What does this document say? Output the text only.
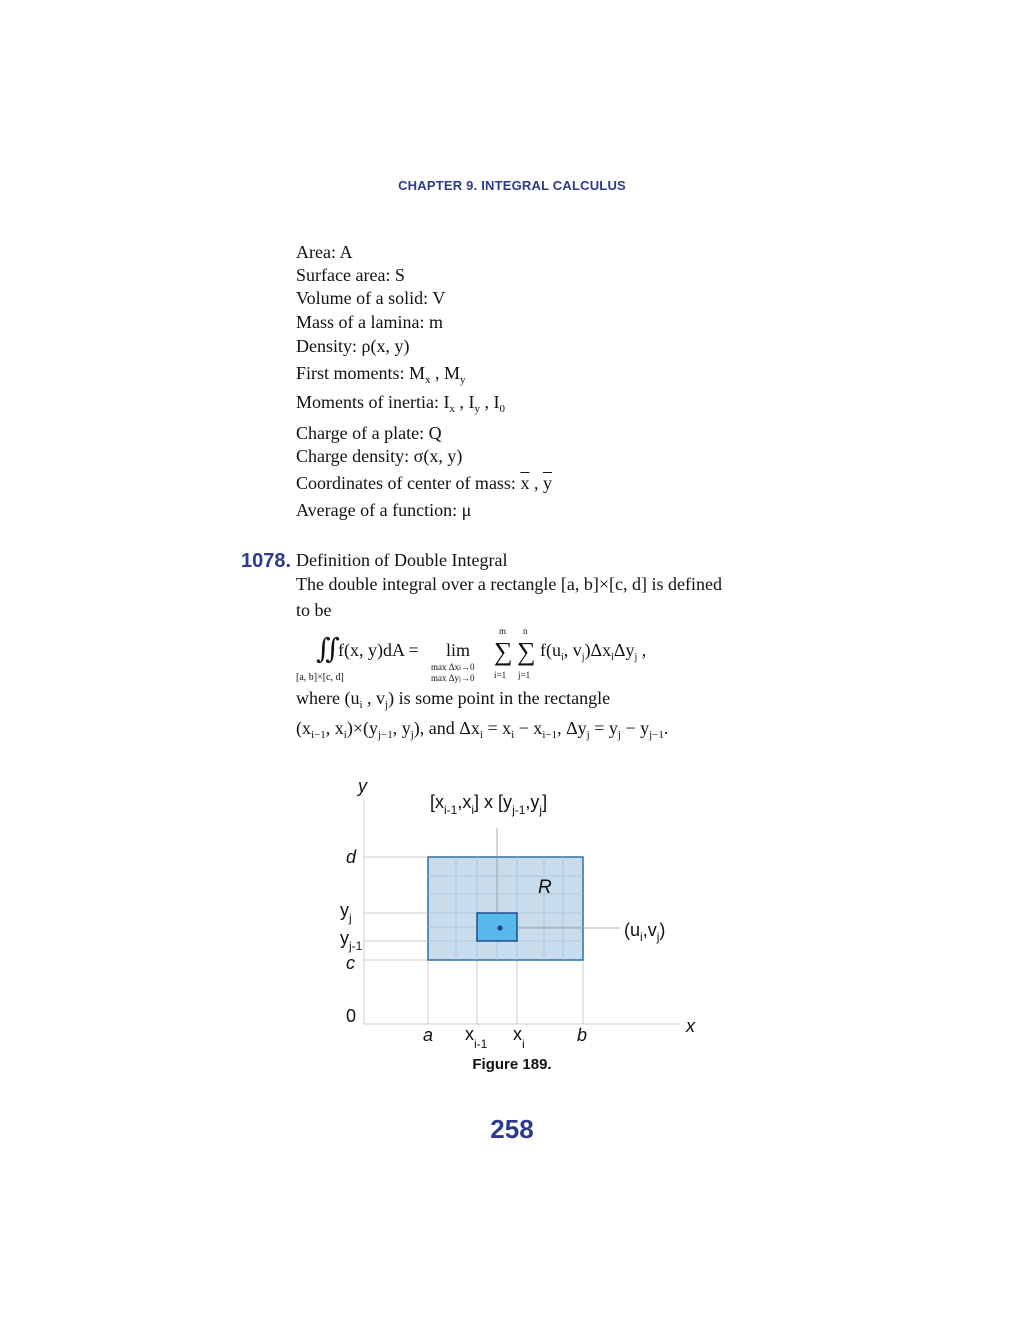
CHAPTER 9. INTEGRAL CALCULUS
Area: A
Surface area: S
Volume of a solid: V
Mass of a lamina: m
Density: ρ(x, y)
First moments: $M_x$ , $M_y$
Moments of inertia: $I_x$ , $I_y$ , $I_0$
Charge of a plate: Q
Charge density: σ(x, y)
Coordinates of center of mass: $\overline{x}$ , $\overline{y}$
Average of a function: μ
1078. Definition of Double Integral
The double integral over a rectangle [a, b]×[c, d] is defined
to be
∬
[a, b]×[c, d]
f(x, y)dA = lim
max Δxi→0
max Δyj→0
m
∑
i=1
n
∑
j=1
$f(u_i$, $v_j)\Delta x_i\Delta y_j$ ,
where ($u_i$ , $v_j$) is some point in the rectangle
($x_{i-1}$, $x_i)\times(y_{j-1}$, $y_j$), and $\Delta x_i = x_i - x_{i-1}$, $\Delta y_j = y_j - y_{j-1}$.
y
x
0
d
c
a	b
R
$y_j$
$y_{j-1}$
$x_{i-1}$ $x_i$
$(u_i,v_j)$
$[x_{i-1},x_i]$ x $[y_{j-1},y_j]$
Figure 189.
258
